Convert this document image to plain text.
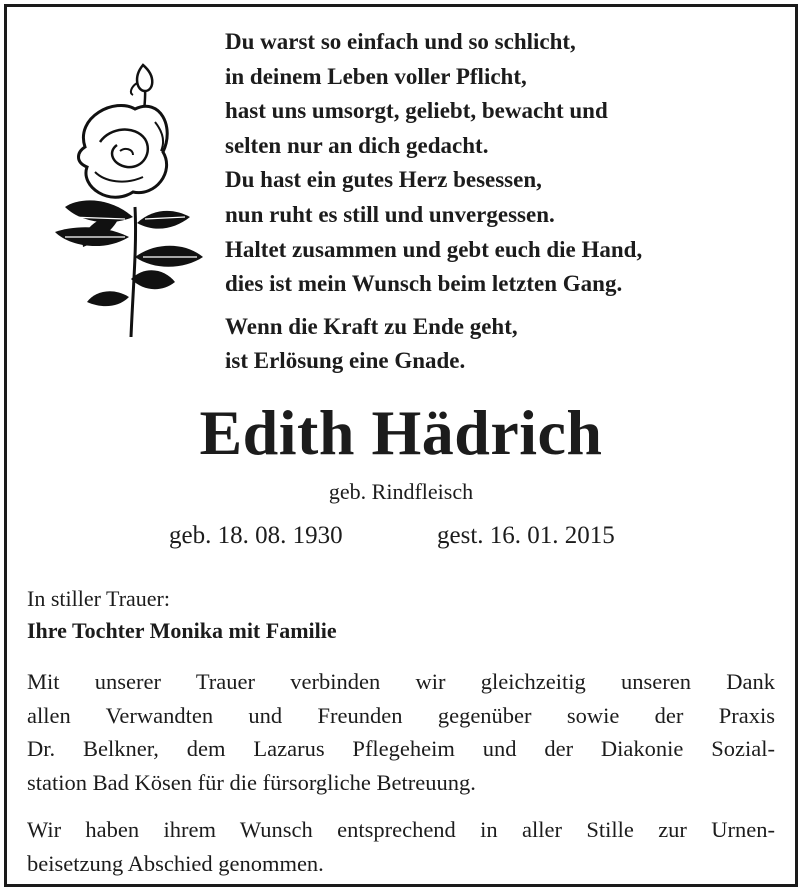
Du warst so einfach und so schlicht,
in deinem Leben voller Pflicht,
hast uns umsorgt, geliebt, bewacht und
selten nur an dich gedacht.
Du hast ein gutes Herz besessen,
nun ruht es still und unvergessen.
Haltet zusammen und gebt euch die Hand,
dies ist mein Wunsch beim letzten Gang.
Wenn die Kraft zu Ende geht,
ist Erlösung eine Gnade.
Edith Hädrich
geb. Rindfleisch
geb. 18. 08. 1930	gest. 16. 01. 2015
In stiller Trauer:
Ihre Tochter Monika mit Familie
Mit unserer Trauer verbinden wir gleichzeitig unseren Dank
allen Verwandten und Freunden gegenüber sowie der Praxis
Dr. Belkner, dem Lazarus Pflegeheim und der Diakonie Sozial-
station Bad Kösen für die fürsorgliche Betreuung.
Wir haben ihrem Wunsch entsprechend in aller Stille zur Urnen-
beisetzung Abschied genommen.
